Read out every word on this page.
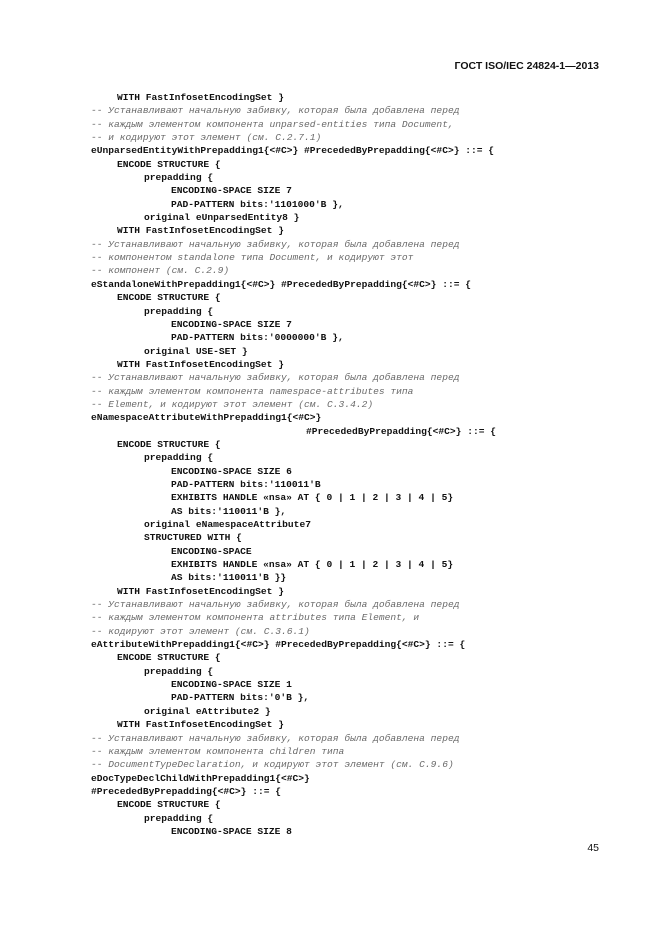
ГОСТ ISO/IEC 24824-1—2013
WITH FastInfosetEncodingSet }
-- Устанавливают начальную забивку, которая была добавлена перед
-- каждым элементом компонента unparsed-entities типа Document,
-- и кодируют этот элемент (см. С.2.7.1)
eUnparsedEntityWithPrepadding1{<#C>} #PrecededByPrepadding{<#C>} ::= {
ENCODE STRUCTURE {
prepadding {
ENCODING-SPACE SIZE 7
PAD-PATTERN bits:'1101000'B },
original eUnparsedEntity8 }
WITH FastInfosetEncodingSet }
-- Устанавливают начальную забивку, которая была добавлена перед
-- компонентом standalone типа Document, и кодируют этот
-- компонент (см. С.2.9)
eStandaloneWithPrepadding1{<#C>} #PrecededByPrepadding{<#C>} ::= {
ENCODE STRUCTURE {
prepadding {
ENCODING-SPACE SIZE 7
PAD-PATTERN bits:'0000000'B },
original USE-SET }
WITH FastInfosetEncodingSet }
-- Устанавливают начальную забивку, которая была добавлена перед
-- каждым элементом компонента namespace-attributes типа
-- Element, и кодируют этот элемент (см. С.3.4.2)
eNamespaceAttributeWithPrepadding1{<#C>}
#PrecededByPrepadding{<#C>} ::= {
ENCODE STRUCTURE {
prepadding {
ENCODING-SPACE SIZE 6
PAD-PATTERN bits:'110011'B
EXHIBITS HANDLE «nsa» AT { 0 | 1 | 2 | 3 | 4 | 5}
AS bits:'110011'B },
original eNamespaceAttribute7
STRUCTURED WITH {
ENCODING-SPACE
EXHIBITS HANDLE «nsa» AT { 0 | 1 | 2 | 3 | 4 | 5}
AS bits:'110011'B }}
WITH FastInfosetEncodingSet }
-- Устанавливают начальную забивку, которая была добавлена перед
-- каждым элементом компонента attributes типа Element, и
-- кодируют этот элемент (см. С.3.6.1)
eAttributeWithPrepadding1{<#C>} #PrecededByPrepadding{<#C>} ::= {
ENCODE STRUCTURE {
prepadding {
ENCODING-SPACE SIZE 1
PAD-PATTERN bits:'0'B },
original eAttribute2 }
WITH FastInfosetEncodingSet }
-- Устанавливают начальную забивку, которая была добавлена перед
-- каждым элементом компонента children типа
-- DocumentTypeDeclaration, и кодируют этот элемент (см. С.9.6)
eDocTypeDeclChildWithPrepadding1{<#C>}
#PrecededByPrepadding{<#C>} ::= {
ENCODE STRUCTURE {
prepadding {
ENCODING-SPACE SIZE 8
45
